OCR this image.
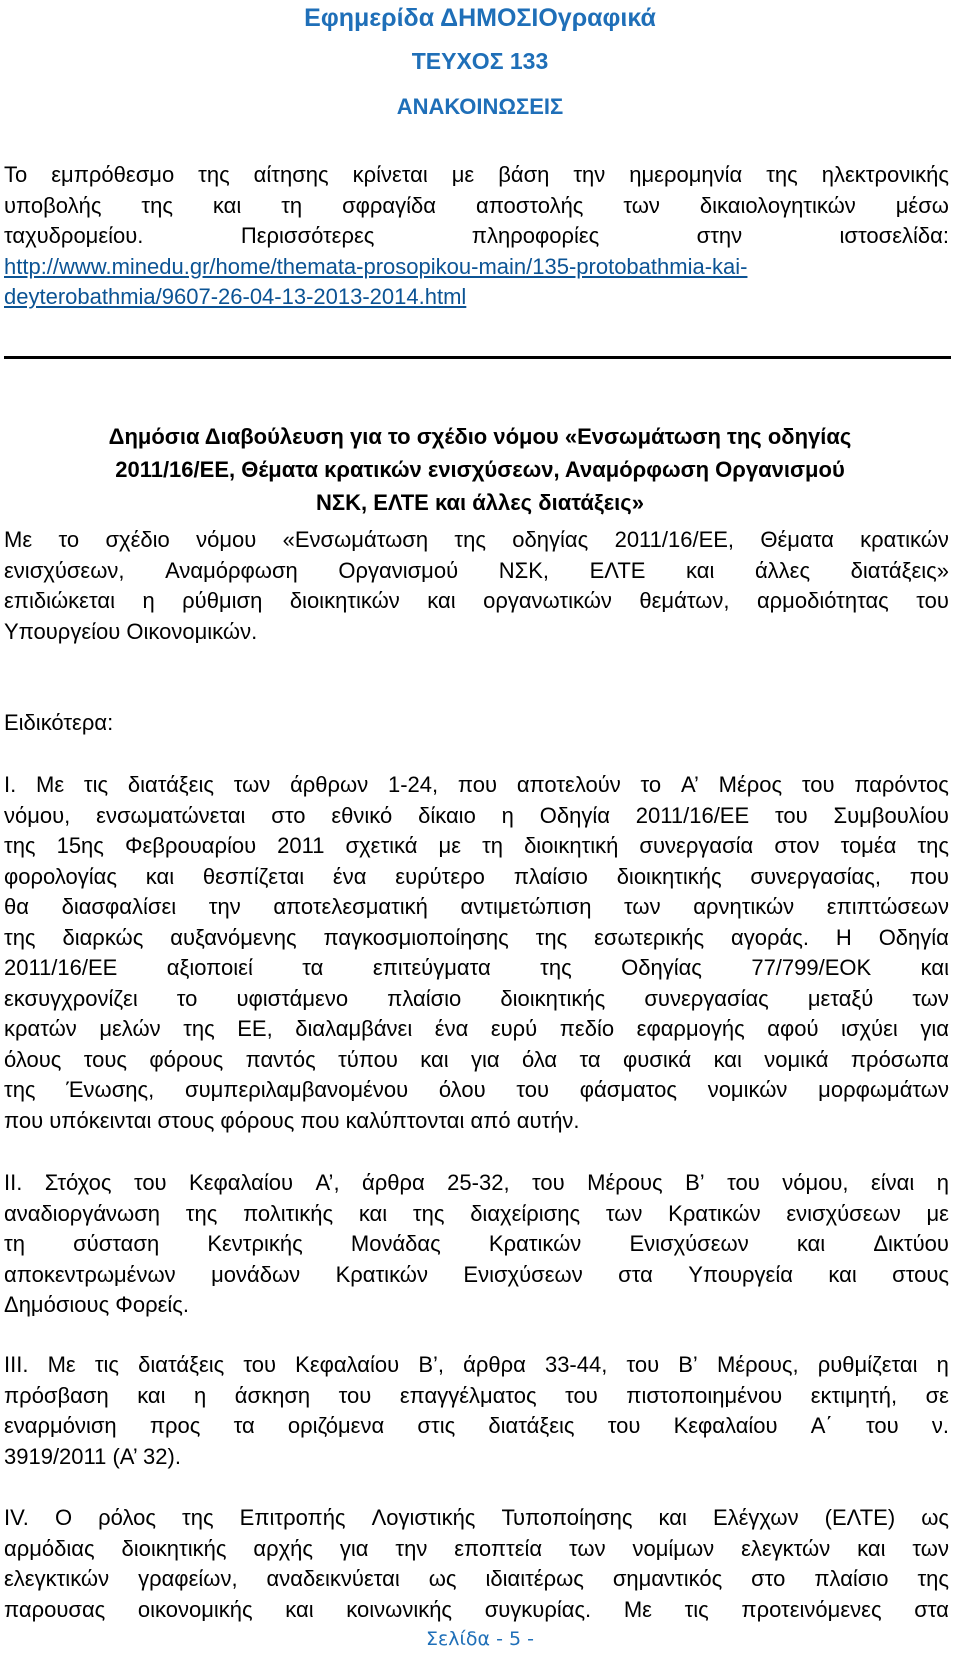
Εφημερίδα ΔΗΜΟΣΙΟγραφικά
ΤΕΥΧΟΣ 133
ΑΝΑΚΟΙΝΩΣΕΙΣ
Το εμπρόθεσμο της αίτησης κρίνεται με βάση την ημερομηνία της ηλεκτρονικής
υποβολής της και τη σφραγίδα αποστολής των δικαιολογητικών μέσω
ταχυδρομείου.	Περισσότερες	πληροφορίες	στην	ιστοσελίδα:
http://www.minedu.gr/home/themata-prosopikou-main/135-protobathmia-kai-
deyterobathmia/9607-26-04-13-2013-2014.html
Δημόσια Διαβούλευση για το σχέδιο νόμου «Ενσωμάτωση της οδηγίας
2011/16/ΕΕ, Θέματα κρατικών ενισχύσεων, Αναμόρφωση Οργανισμού
ΝΣΚ, ΕΛΤΕ και άλλες διατάξεις»
Με το σχέδιο νόμου «Ενσωμάτωση της οδηγίας 2011/16/ΕΕ, Θέματα κρατικών
ενισχύσεων, Αναμόρφωση Οργανισμού ΝΣΚ, ΕΛΤΕ και άλλες διατάξεις»
επιδιώκεται η ρύθμιση διοικητικών και οργανωτικών θεμάτων, αρμοδιότητας του
Υπουργείου Οικονομικών.
Ειδικότερα:
Ι. Με τις διατάξεις των άρθρων 1-24, που αποτελούν το Α’ Μέρος του παρόντος
νόμου, ενσωματώνεται στο εθνικό δίκαιο η Οδηγία 2011/16/ΕΕ του Συμβουλίου
της 15ης Φεβρουαρίου 2011 σχετικά με τη διοικητική συνεργασία στον τομέα της
φορολογίας και θεσπίζεται ένα ευρύτερο πλαίσιο διοικητικής συνεργασίας, που
θα διασφαλίσει την αποτελεσματική αντιμετώπιση των αρνητικών επιπτώσεων
της διαρκώς αυξανόμενης παγκοσμιοποίησης της εσωτερικής αγοράς. Η Οδηγία
2011/16/ΕΕ αξιοποιεί τα επιτεύγματα της Οδηγίας 77/799/ΕΟΚ και
εκσυγχρονίζει το υφιστάμενο πλαίσιο διοικητικής συνεργασίας μεταξύ των
κρατών μελών της ΕΕ, διαλαμβάνει ένα ευρύ πεδίο εφαρμογής αφού ισχύει για
όλους τους φόρους παντός τύπου και για όλα τα φυσικά και νομικά πρόσωπα
της Ένωσης, συμπεριλαμβανομένου όλου του φάσματος νομικών μορφωμάτων
που υπόκεινται στους φόρους που καλύπτονται από αυτήν.
ΙΙ. Στόχος του Κεφαλαίου Α’, άρθρα 25-32, του Μέρους Β’ του νόμου, είναι η
αναδιοργάνωση της πολιτικής και της διαχείρισης των Κρατικών ενισχύσεων με
τη σύσταση Κεντρικής Μονάδας Κρατικών Ενισχύσεων και Δικτύου
αποκεντρωμένων μονάδων Κρατικών Ενισχύσεων στα Υπουργεία και στους
Δημόσιους Φορείς.
ΙΙΙ. Με τις διατάξεις του Κεφαλαίου Β’, άρθρα 33-44, του Β’ Μέρους, ρυθμίζεται η
πρόσβαση και η άσκηση του επαγγέλματος του πιστοποιημένου εκτιμητή, σε
εναρμόνιση προς τα οριζόμενα στις διατάξεις του Κεφαλαίου Α΄ του ν.
3919/2011 (Α’ 32).
ΙV. Ο ρόλος της Επιτροπής Λογιστικής Τυποποίησης και Ελέγχων (ΕΛΤΕ) ως
αρμόδιας διοικητικής αρχής για την εποπτεία των νομίμων ελεγκτών και των
ελεγκτικών γραφείων, αναδεικνύεται ως ιδιαιτέρως σημαντικός στο πλαίσιο της
παρουσας οικονομικής και κοινωνικής συγκυρίας. Με τις προτεινόμενες στα
Σελίδα - 5 -
